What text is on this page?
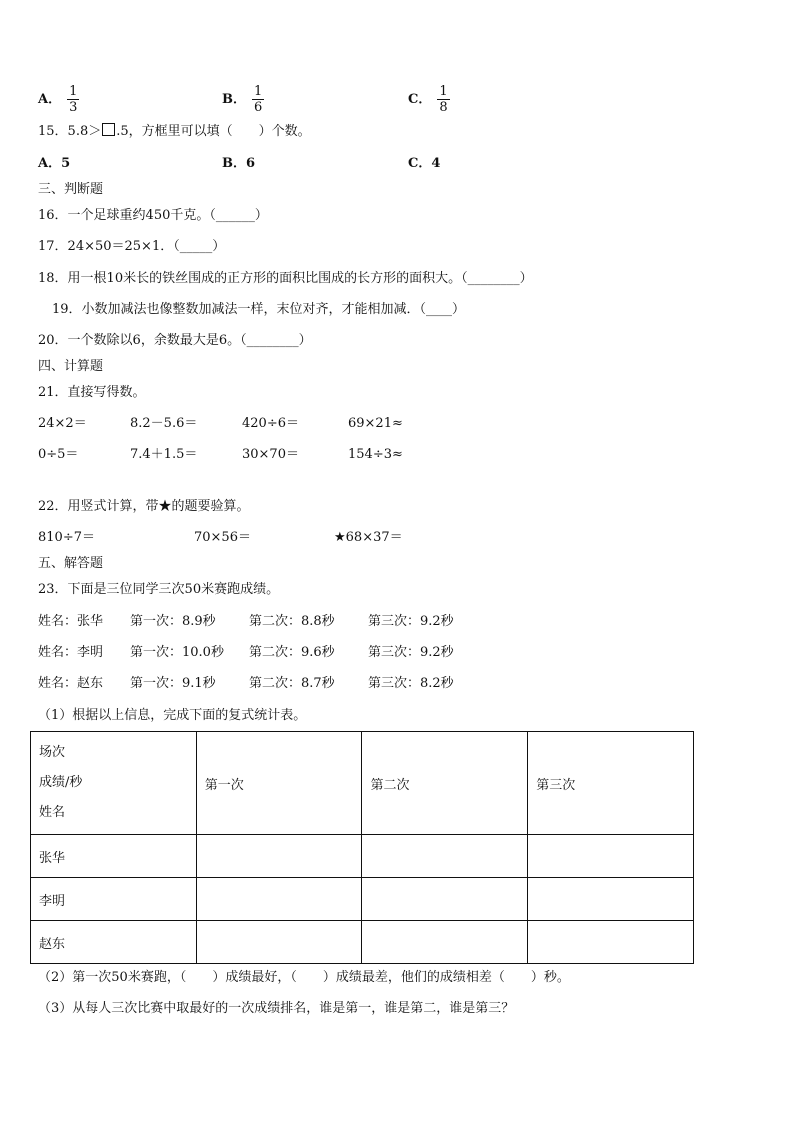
A． $\frac{1}{3}$	B． $\frac{1}{6}$	C． $\frac{1}{8}$
15．5.8＞ .5，方框里可以填（　　）个数。
A．5	B．6	C．4
三、判断题
16．一个足球重约450千克。（______）
17．24×50＝25×1．（_____）
18．用一根10米长的铁丝围成的正方形的面积比围成的长方形的面积大。（________）
19．小数加减法也像整数加减法一样，末位对齐，才能相加减．（____）
20．一个数除以6，余数最大是6。（________）
四、计算题
21．直接写得数。
24×2＝	8.2－5.6＝	420÷6＝	69×21≈
0÷5＝	7.4＋1.5＝	30×70＝	154÷3≈
22．用竖式计算，带★的题要验算。
810÷7＝	70×56＝	★68×37＝
五、解答题
23．下面是三位同学三次50米赛跑成绩。
姓名：张华 第一次：8.9秒	第二次：8.8秒	第三次：9.2秒
姓名：李明 第一次：10.0秒 第二次：9.6秒	第三次：9.2秒
姓名：赵东 第一次：9.1秒	第二次：8.7秒	第三次：8.2秒
（1）根据以上信息，完成下面的复式统计表。
场次
成绩/秒
姓名	第一次	第二次	第三次
张华			
李明			
赵东			
（2）第一次50米赛跑，（　　）成绩最好，（　　）成绩最差，他们的成绩相差（　　）秒。
（3）从每人三次比赛中取最好的一次成绩排名，谁是第一，谁是第二，谁是第三？
